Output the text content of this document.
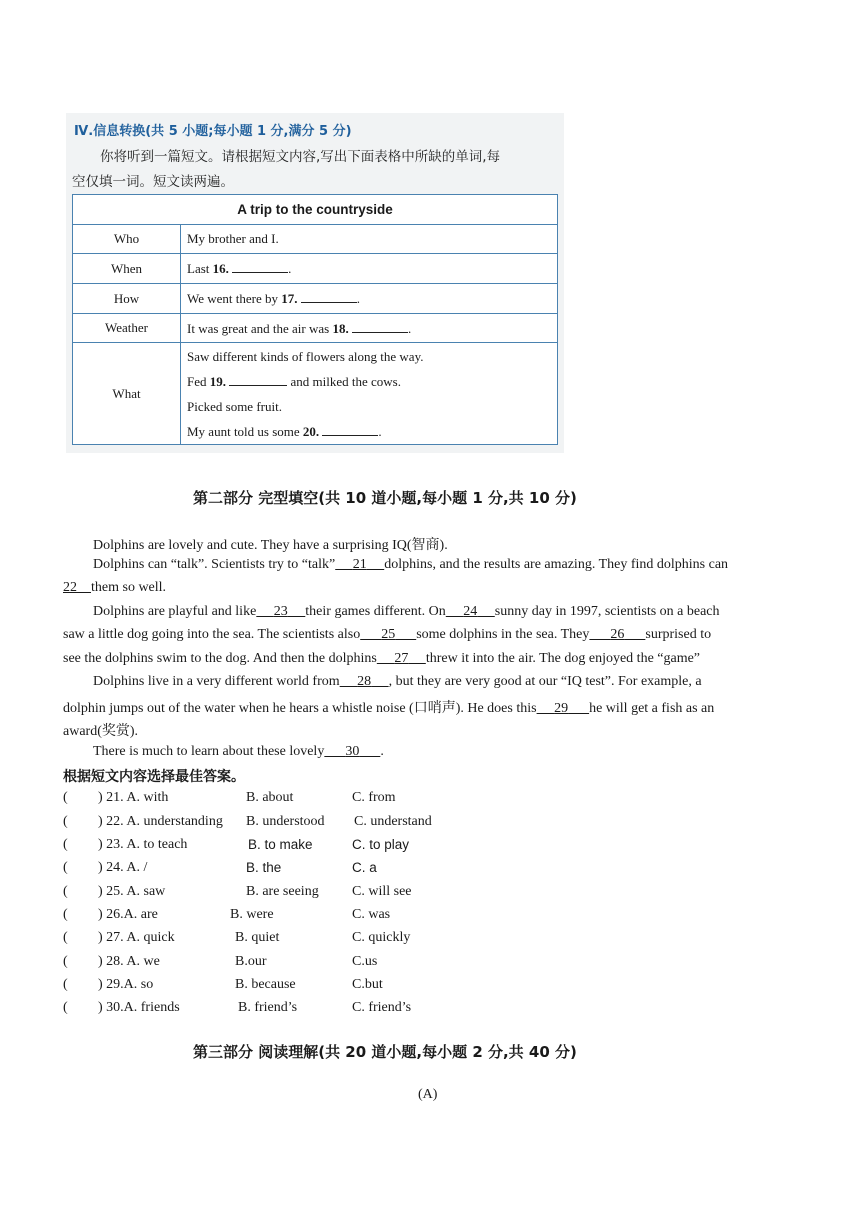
Ⅳ.信息转换(共 5 小题;每小题 1 分,满分 5 分)
你将听到一篇短文。请根据短文内容,写出下面表格中所缺的单词,每
空仅填一词。短文读两遍。
A trip to the countryside	
Who	My brother and I.
When	Last 16. .
How	We went there by 17. .
Weather	It was great and the air was 18. .
What	Saw different kinds of flowers along the way.
Fed 19. and milked the cows.
Picked some fruit.
My aunt told us some 20. .
第二部分 完型填空(共 10 道小题,每小题 1 分,共 10 分)
Dolphins are lovely and cute. They have a surprising IQ(智商).
Dolphins can “talk”. Scientists try to “talk” 21 dolphins, and the results are amazing. They find dolphins can
22 them so well.
Dolphins are playful and like 23 their games different. On 24 sunny day in 1997, scientists on a beach
saw a little dog going into the sea. The scientists also 25 some dolphins in the sea. They 26 surprised to
see the dolphins swim to the dog. And then the dolphins 27 threw it into the air. The dog enjoyed the “game”
Dolphins live in a very different world from 28 , but they are very good at our “IQ test”. For example, a
dolphin jumps out of the water when he hears a whistle noise (口哨声). He does this 29 he will get a fish as an
award(奖赏).
There is much to learn about these lovely 30 .
根据短文内容选择最佳答案。
( ) 21. A. with	B. about	C. from
( ) 22. A. understanding B. understood C. understand
( ) 23. A. to teach	B. to make	C. to play
( ) 24. A. /	B. the	C. a
( ) 25. A. saw	B. are seeing C. will see
( ) 26.A. are	B. were	C. was
( ) 27. A. quick	B. quiet	C. quickly
( ) 28. A. we	B.our	C.us
( ) 29.A. so	B. because	C.but
( ) 30.A. friends	B. friend’s	C. friend’s
第三部分 阅读理解(共 20 道小题,每小题 2 分,共 40 分)
(A)
